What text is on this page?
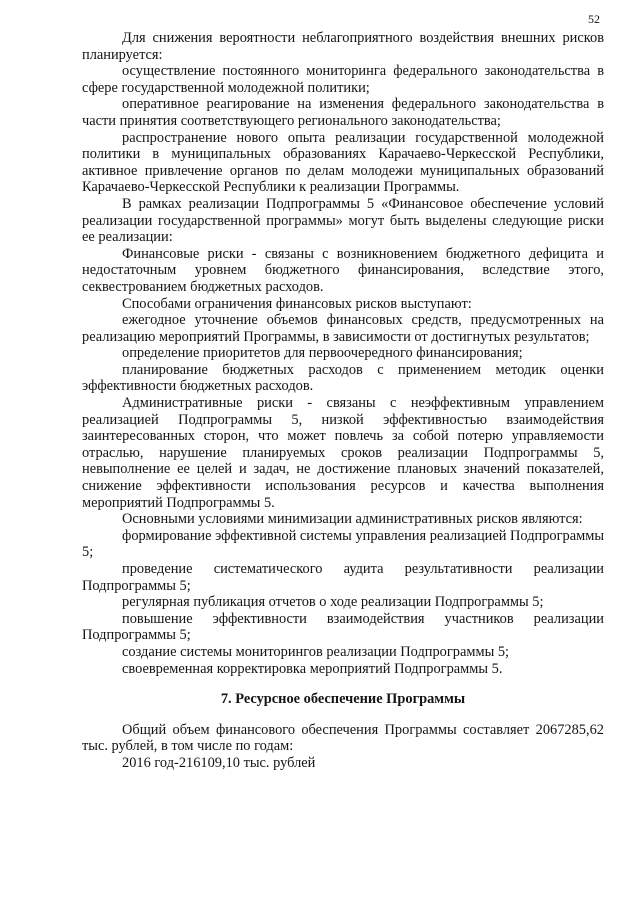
52

Для снижения вероятности неблагоприятного воздействия внешних рисков планируется:

осуществление постоянного мониторинга федерального законодательства в сфере государственной молодежной политики;

оперативное реагирование на изменения федерального законодательства в части принятия соответствующего регионального законодательства;

распространение нового опыта реализации государственной молодежной политики в муниципальных образованиях Карачаево-Черкесской Республики, активное привлечение органов по делам молодежи муниципальных образований Карачаево-Черкесской Республики к реализации Программы.

В рамках реализации Подпрограммы 5 «Финансовое обеспечение условий реализации государственной программы» могут быть выделены следующие риски ее реализации:

Финансовые риски - связаны с возникновением бюджетного дефицита и недостаточным уровнем бюджетного финансирования, вследствие этого, секвестрованием бюджетных расходов.

Способами ограничения финансовых рисков выступают:

ежегодное уточнение объемов финансовых средств, предусмотренных на реализацию мероприятий Программы, в зависимости от достигнутых результатов;

определение приоритетов для первоочередного финансирования;

планирование бюджетных расходов с применением методик оценки эффективности бюджетных расходов.

Административные риски - связаны с неэффективным управлением реализацией Подпрограммы 5, низкой эффективностью взаимодействия заинтересованных сторон, что может повлечь за собой потерю управляемости отраслью, нарушение планируемых сроков реализации Подпрограммы 5, невыполнение ее целей и задач, не достижение плановых значений показателей, снижение эффективности использования ресурсов и качества выполнения мероприятий Подпрограммы 5.

Основными условиями минимизации административных рисков являются:

формирование эффективной системы управления реализацией Подпрограммы 5;

проведение систематического аудита результативности реализации Подпрограммы 5;

регулярная публикация отчетов о ходе реализации Подпрограммы 5;

повышение эффективности взаимодействия участников реализации Подпрограммы 5;

создание системы мониторингов реализации Подпрограммы 5;

своевременная корректировка мероприятий Подпрограммы 5.

7. Ресурсное обеспечение Программы

Общий объем финансового обеспечения Программы составляет 2067285,62 тыс. рублей, в том числе по годам:

2016 год-216109,10 тыс. рублей
